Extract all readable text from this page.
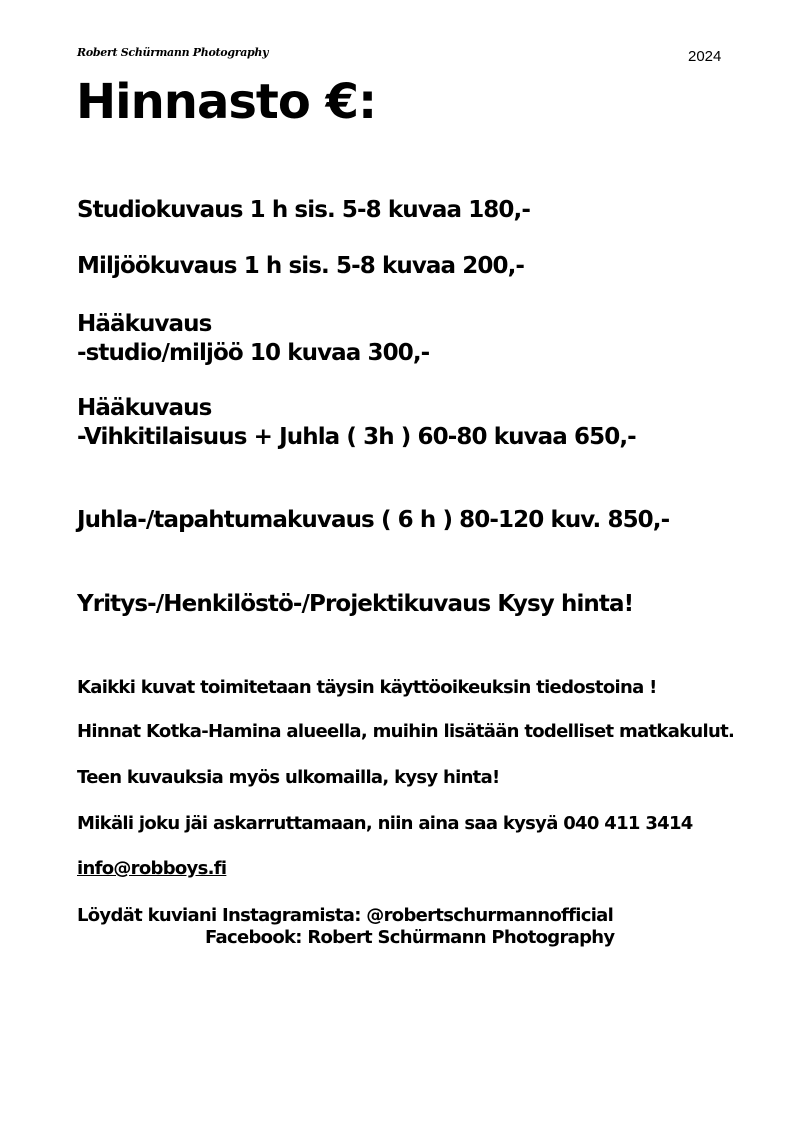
Robert Schürmann Photography	2024
Hinnasto €:
Studiokuvaus 1 h sis. 5-8 kuvaa 180,-
Miljöökuvaus 1 h sis. 5-8 kuvaa 200,-
Hääkuvaus
-studio/miljöö 10 kuvaa 300,-
Hääkuvaus
-Vihkitilaisuus + Juhla ( 3h ) 60-80 kuvaa 650,-
Juhla-/tapahtumakuvaus ( 6 h ) 80-120 kuv. 850,-
Yritys-/Henkilöstö-/Projektikuvaus Kysy hinta!
Kaikki kuvat toimitetaan täysin käyttöoikeuksin tiedostoina !
Hinnat Kotka-Hamina alueella, muihin lisätään todelliset matkakulut.
Teen kuvauksia myös ulkomailla, kysy hinta!
Mikäli joku jäi askarruttamaan, niin aina saa kysyä 040 411 3414
info@robboys.fi
Löydät kuviani Instagramista: @robertschurmannofficial
Facebook: Robert Schürmann Photography
